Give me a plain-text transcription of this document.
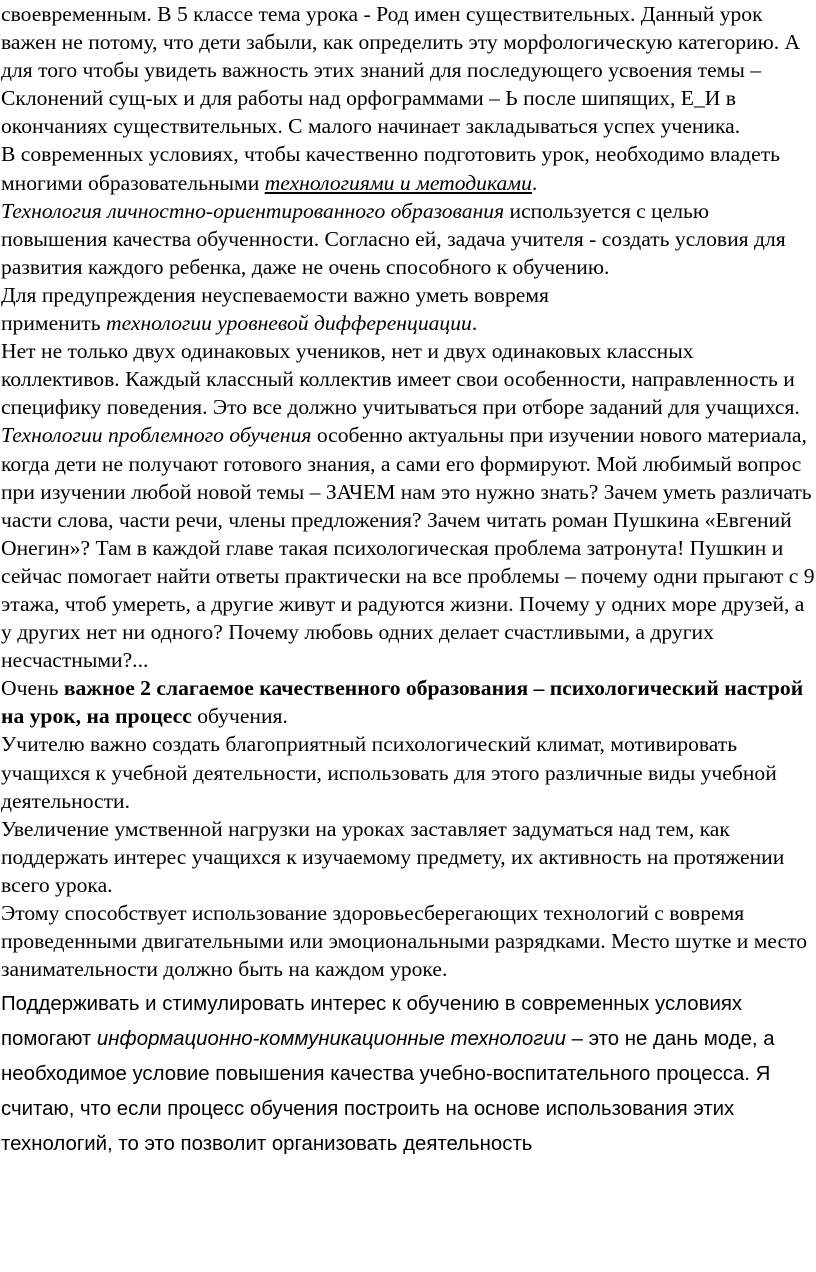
своевременным. В 5 классе тема урока - Род имен существительных. Данный урок важен не потому, что дети забыли, как определить эту морфологическую категорию. А для того чтобы увидеть важность этих знаний для последующего усвоения темы – Склонений сущ-ых и для работы над орфограммами – Ь после шипящих, Е_И в окончаниях существительных. С малого начинает закладываться успех ученика.

В современных условиях, чтобы качественно подготовить урок, необходимо владеть многими образовательными технологиями и методиками.

Технология личностно-ориентированного образования используется с целью повышения качества обученности. Согласно ей, задача учителя - создать условия для развития каждого ребенка, даже не очень способного к обучению.

Для предупреждения неуспеваемости важно уметь вовремя
применить технологии уровневой дифференциации.

Нет не только двух одинаковых учеников, нет и двух одинаковых классных коллективов. Каждый классный коллектив имеет свои особенности, направленность и специфику поведения. Это все должно учитываться при отборе заданий для учащихся.

Технологии проблемного обучения особенно актуальны при изучении нового материала, когда дети не получают готового знания, а сами его формируют. Мой любимый вопрос при изучении любой новой темы – ЗАЧЕМ нам это нужно знать? Зачем уметь различать части слова, части речи, члены предложения? Зачем читать роман Пушкина «Евгений Онегин»? Там в каждой главе такая психологическая проблема затронута! Пушкин и сейчас помогает найти ответы практически на все проблемы – почему одни прыгают с 9 этажа, чтоб умереть, а другие живут и радуются жизни. Почему у одних море друзей, а у других нет ни одного? Почему любовь одних делает счастливыми, а других несчастными?...

Очень важное 2 слагаемое качественного образования – психологический настрой на урок, на процесс обучения.

Учителю важно создать благоприятный психологический климат, мотивировать учащихся к учебной деятельности, использовать для этого различные виды учебной деятельности.

Увеличение умственной нагрузки на уроках заставляет задуматься над тем, как поддержать интерес учащихся к изучаемому предмету, их активность на протяжении всего урока.

Этому способствует использование здоровьесберегающих технологий с вовремя проведенными двигательными или эмоциональными разрядками. Место шутке и место занимательности должно быть на каждом уроке.

Поддерживать и стимулировать интерес к обучению в современных условиях помогают информационно-коммуникационные технологии – это не дань моде, а необходимое условие повышения качества учебно-воспитательного процесса. Я считаю, что если процесс обучения построить на основе использования этих технологий, то это позволит организовать деятельность
